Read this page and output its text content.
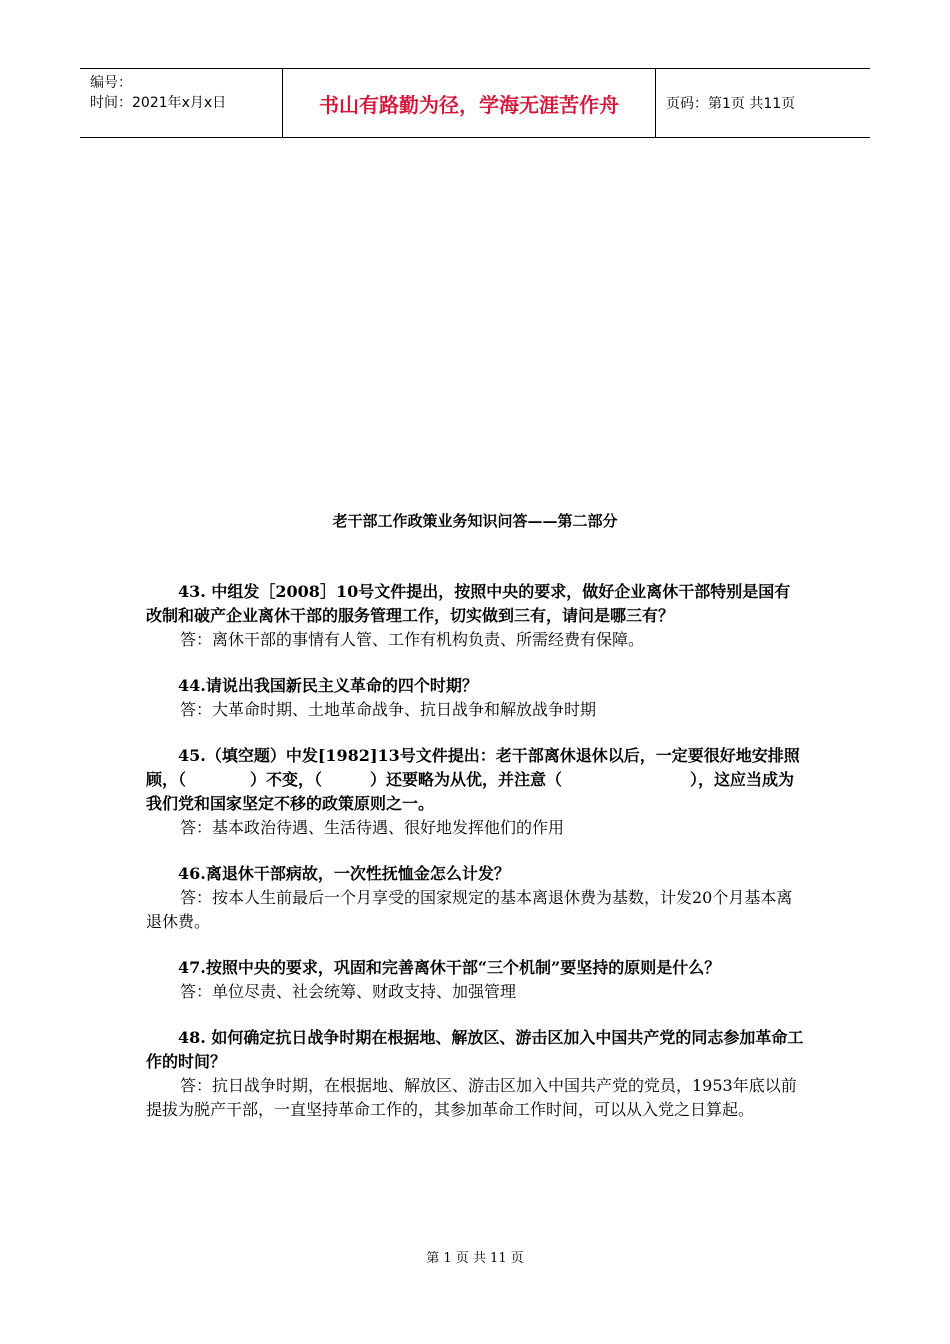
编号：
时间：2021年x月x日	书山有路勤为径，学海无涯苦作舟	页码：第1页 共11页
老干部工作政策业务知识问答——第二部分

43. 中组发［2008］10号文件提出，按照中央的要求，做好企业离休干部特别是国有改制和破产企业离休干部的服务管理工作，切实做到三有，请问是哪三有？

答：离休干部的事情有人管、工作有机构负责、所需经费有保障。

44.请说出我国新民主义革命的四个时期？

答：大革命时期、土地革命战争、抗日战争和解放战争时期

45.（填空题）中发[1982]13号文件提出：老干部离休退休以后，一定要很好地安排照顾，（　　　　）不变，（　　　）还要略为从优，并注意（　　　　　　　　），这应当成为我们党和国家坚定不移的政策原则之一。

答：基本政治待遇、生活待遇、很好地发挥他们的作用

46.离退休干部病故，一次性抚恤金怎么计发？

答：按本人生前最后一个月享受的国家规定的基本离退休费为基数，计发20个月基本离退休费。

47.按照中央的要求，巩固和完善离休干部“三个机制”要坚持的原则是什么？

答：单位尽责、社会统筹、财政支持、加强管理

48. 如何确定抗日战争时期在根据地、解放区、游击区加入中国共产党的同志参加革命工作的时间？

答：抗日战争时期，在根据地、解放区、游击区加入中国共产党的党员，1953年底以前提拔为脱产干部，一直坚持革命工作的，其参加革命工作时间，可以从入党之日算起。

第 1 页 共 11 页
